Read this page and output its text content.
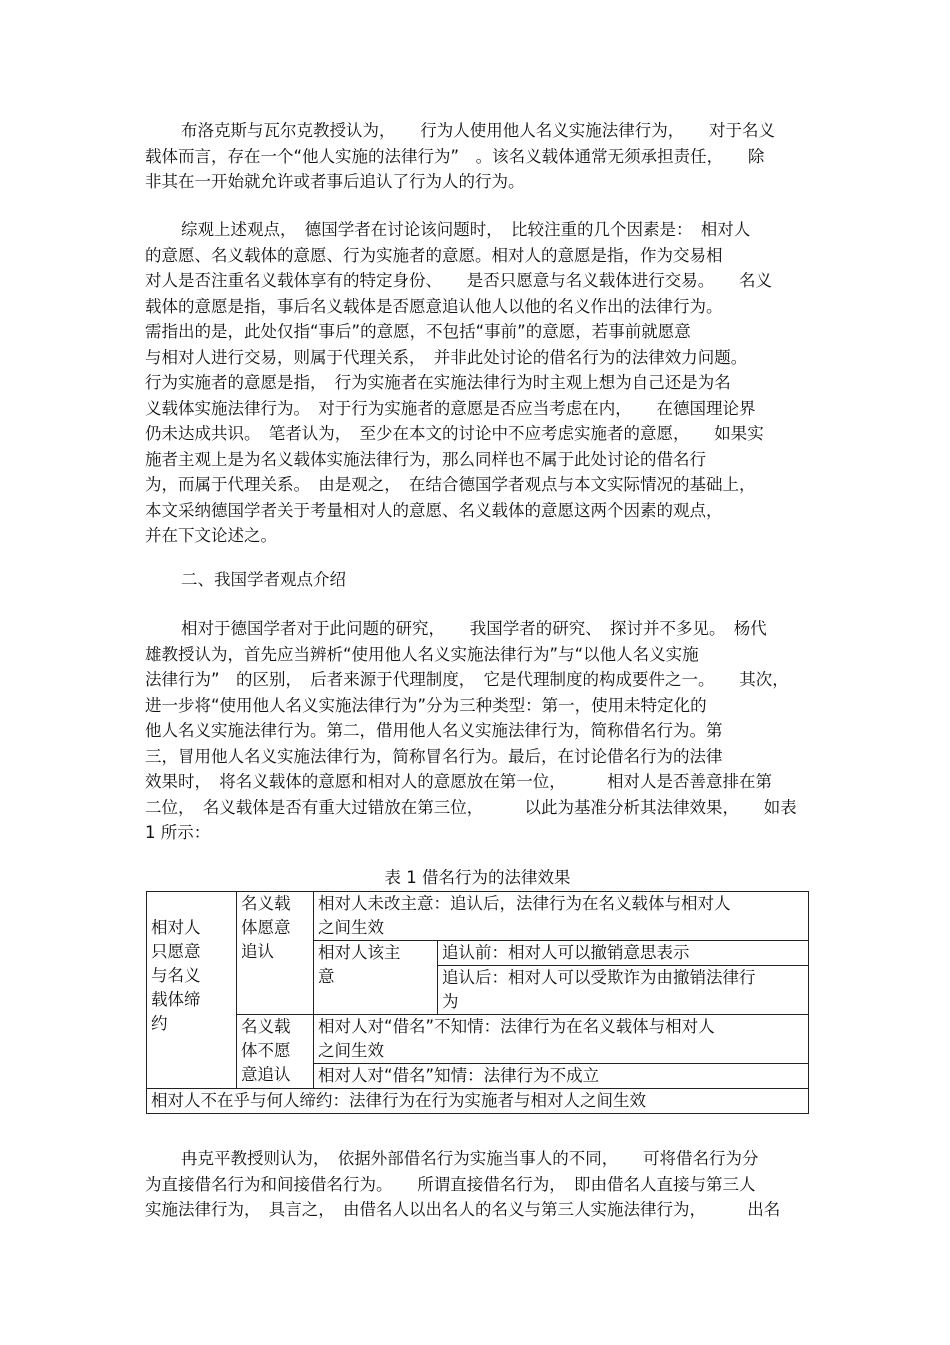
布洛克斯与瓦尔克教授认为，　　行为人使用他人名义实施法律行为，　　对于名义
载体而言，存在一个“他人实施的法律行为”　。该名义载体通常无须承担责任，　　除
非其在一开始就允许或者事后追认了行为人的行为。
综观上述观点，　德国学者在讨论该问题时，　比较注重的几个因素是：　相对人
的意愿、名义载体的意愿、行为实施者的意愿。相对人的意愿是指，作为交易相
对人是否注重名义载体享有的特定身份、　　是否只愿意与名义载体进行交易。　　名义
载体的意愿是指，事后名义载体是否愿意追认他人以他的名义作出的法律行为。
需指出的是，此处仅指“事后”的意愿，不包括“事前”的意愿，若事前就愿意
与相对人进行交易，则属于代理关系，　并非此处讨论的借名行为的法律效力问题。
行为实施者的意愿是指，　行为实施者在实施法律行为时主观上想为自己还是为名
义载体实施法律行为。　对于行为实施者的意愿是否应当考虑在内，　　在德国理论界
仍未达成共识。　笔者认为，　至少在本文的讨论中不应考虑实施者的意愿，　　如果实
施者主观上是为名义载体实施法律行为，那么同样也不属于此处讨论的借名行
为，而属于代理关系。　由是观之，　在结合德国学者观点与本文实际情况的基础上，
本文采纳德国学者关于考量相对人的意愿、名义载体的意愿这两个因素的观点，
并在下文论述之。
二、我国学者观点介绍
相对于德国学者对于此问题的研究，　　我国学者的研究、　探讨并不多见。　杨代
雄教授认为，首先应当辨析“使用他人名义实施法律行为”与“以他人名义实施
法律行为”　的区别，　后者来源于代理制度，　它是代理制度的构成要件之一。　　其次，
进一步将“使用他人名义实施法律行为”分为三种类型：第一，使用未特定化的
他人名义实施法律行为。第二，借用他人名义实施法律行为，简称借名行为。第
三，冒用他人名义实施法律行为，简称冒名行为。最后，在讨论借名行为的法律
效果时，　将名义载体的意愿和相对人的意愿放在第一位，　　　相对人是否善意排在第
二位，　名义载体是否有重大过错放在第三位，　　　以此为基准分析其法律效果，　　如表
1 所示：
表 1 借名行为的法律效果
相对人
只愿意
与名义
载体缔
约	名义载
体愿意
追认	相对人未改主意：追认后，法律行为在名义载体与相对人
之间生效	

		相对人该主
意	追认前：相对人可以撤销意思表示

			追认后：相对人可以受欺诈为由撤销法律行
为

	名义载
体不愿
意追认	相对人对“借名”不知情：法律行为在名义载体与相对人
之间生效	

		相对人对“借名”知情：法律行为不成立	

相对人不在乎与何人缔约：法律行为在行为实施者与相对人之间生效			
冉克平教授则认为，　依据外部借名行为实施当事人的不同，　　可将借名行为分
为直接借名行为和间接借名行为。　　所谓直接借名行为，　即由借名人直接与第三人
实施法律行为，　具言之，　由借名人以出名人的名义与第三人实施法律行为，　　　出名
